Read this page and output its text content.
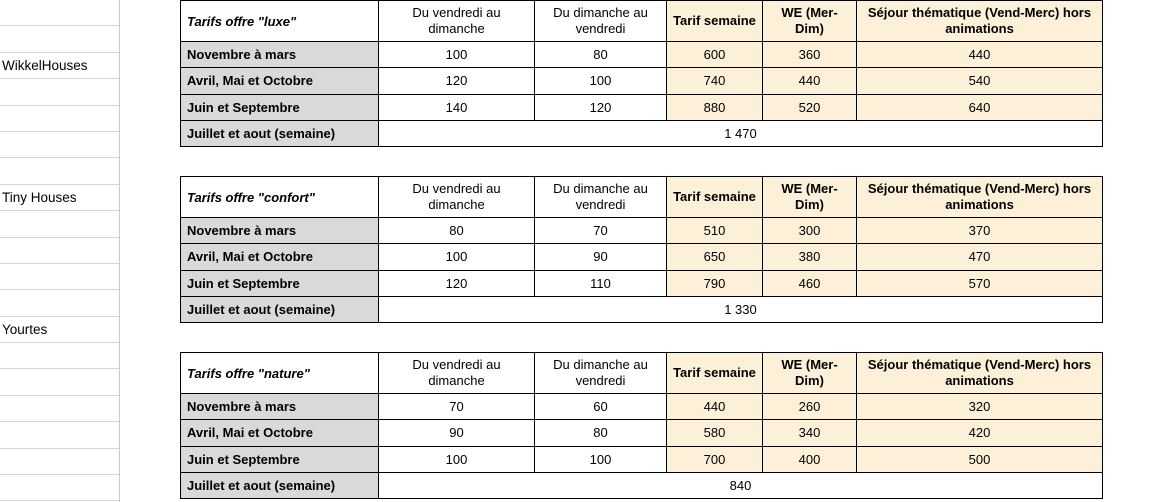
WikkelHouses
Tiny Houses
Yourtes
Tarifs offre "luxe"	Du vendredi au dimanche	Du dimanche au vendredi	Tarif semaine	WE (Mer-Dim)	Séjour thématique (Vend-Merc) hors animations
Novembre à mars	100	80	600	360	440
Avril, Mai et Octobre	120	100	740	440	540
Juin et Septembre	140	120	880	520	640
Juillet et aout (semaine)	1 470				
Tarifs offre "confort"	Du vendredi au dimanche	Du dimanche au vendredi	Tarif semaine	WE (Mer-Dim)	Séjour thématique (Vend-Merc) hors animations
Novembre à mars	80	70	510	300	370
Avril, Mai et Octobre	100	90	650	380	470
Juin et Septembre	120	110	790	460	570
Juillet et aout (semaine)	1 330				
Tarifs offre "nature"	Du vendredi au dimanche	Du dimanche au vendredi	Tarif semaine	WE (Mer-Dim)	Séjour thématique (Vend-Merc) hors animations
Novembre à mars	70	60	440	260	320
Avril, Mai et Octobre	90	80	580	340	420
Juin et Septembre	100	100	700	400	500
Juillet et aout (semaine)	840				
